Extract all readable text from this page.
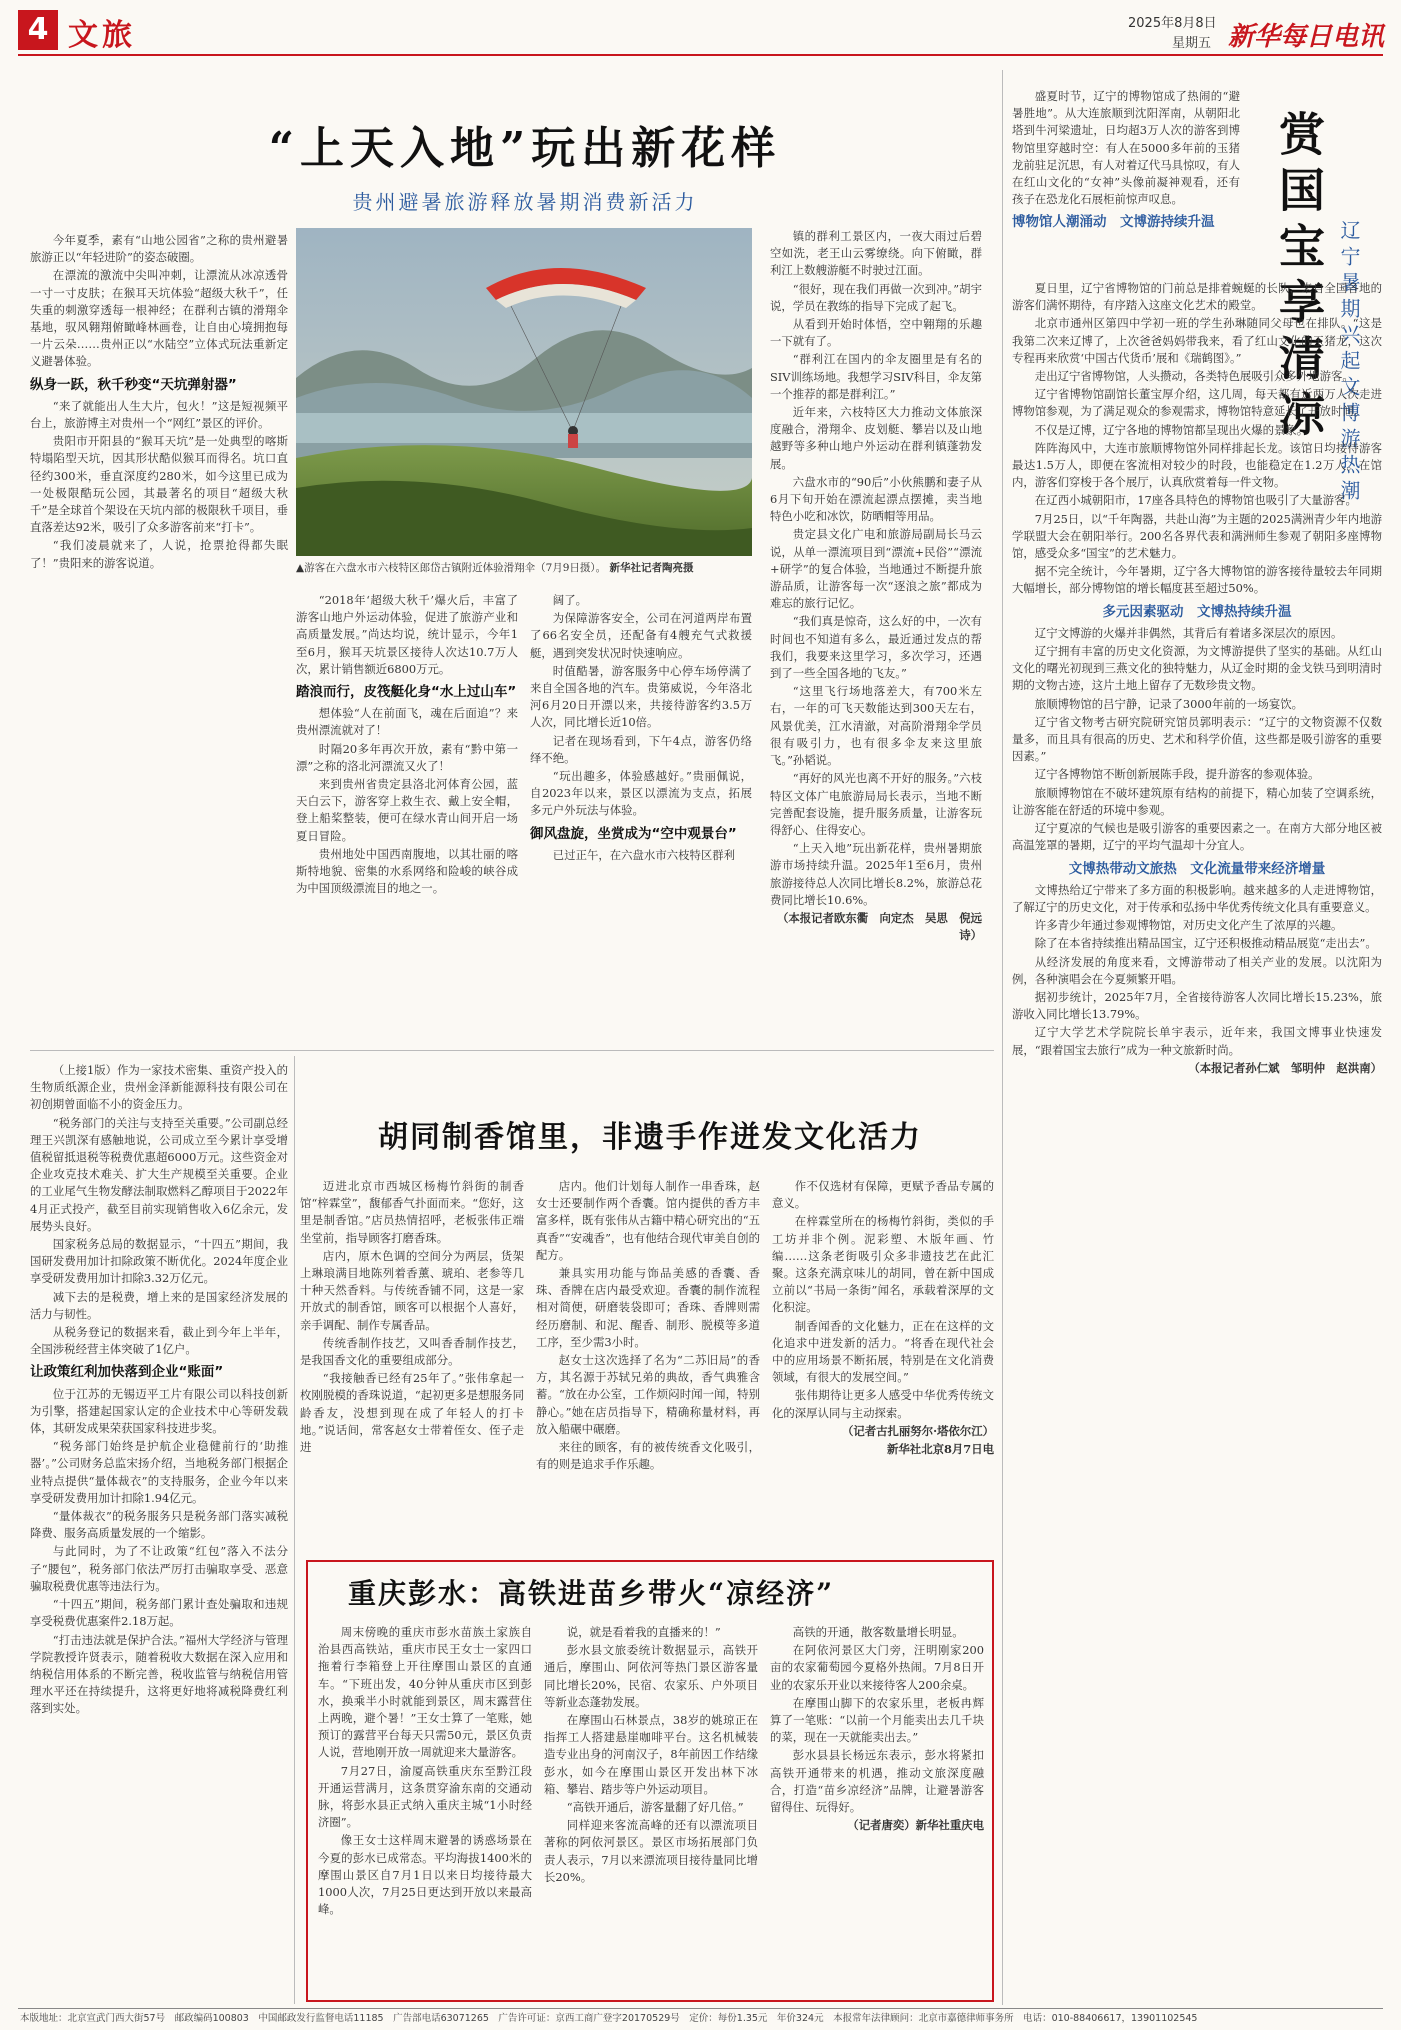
4 文旅	2025年8月8日
星期五 新华每日电讯
“上天入地”玩出新花样
贵州避暑旅游释放暑期消费新活力

今年夏季，素有“山地公园省”之称的贵州避暑旅游正以“年轻进阶”的姿态破圈。

在漂流的激流中尖叫冲刺，让漂流从冰凉透骨一寸一寸皮肤；在猴耳天坑体验“超级大秋千”，任失重的刺激穿透每一根神经；在群利古镇的滑翔伞基地，驭风翱翔俯瞰峰林画卷，让自由心境拥抱每一片云朵……贵州正以“水陆空”立体式玩法重新定义避暑体验。

纵身一跃，秋千秒变“天坑弹射器”

“来了就能出人生大片，包火！”这是短视频平台上，旅游博主对贵州一个“网红”景区的评价。

贵阳市开阳县的“猴耳天坑”是一处典型的喀斯特塌陷型天坑，因其形状酷似猴耳而得名。坑口直径约300米，垂直深度约280米，如今这里已成为一处极限酷玩公园，其最著名的项目“超级大秋千”是全球首个架设在天坑内部的极限秋千项目，垂直落差达92米，吸引了众多游客前来“打卡”。

“我们凌晨就来了，人说，抢票抢得都失眠了！”贵阳来的游客说道。	▲游客在六盘水市六枝特区郎岱古镇附近体验滑翔伞（7月9日摄）。 新华社记者陶亮摄

“2018年‘超级大秋千’爆火后，丰富了游客山地户外运动体验，促进了旅游产业和高质量发展。”尚达均说，统计显示，今年1至6月，猴耳天坑景区接待人次达10.7万人次，累计销售额近6800万元。

踏浪而行，皮筏艇化身“水上过山车”

想体验“人在前面飞，魂在后面追”？来贵州漂流就对了！

时隔20多年再次开放，素有“黔中第一漂”之称的洛北河漂流又火了！

来到贵州省贵定县洛北河体育公园，蓝天白云下，游客穿上救生衣、戴上安全帽，登上船桨整装，便可在绿水青山间开启一场夏日冒险。

贵州地处中国西南腹地，以其壮丽的喀斯特地貌、密集的水系网络和险峻的峡谷成为中国顶级漂流目的地之一。

阔了。

为保障游客安全，公司在河道两岸布置了66名安全员，还配备有4艘充气式救援艇，遇到突发状况时快速响应。

时值酷暑，游客服务中心停车场停满了来自全国各地的汽车。贵第威说，今年洛北河6月20日开漂以来，共接待游客约3.5万人次，同比增长近10倍。

记者在现场看到，下午4点，游客仍络绎不绝。

“玩出趣多，体验感越好。”贵丽佩说，自2023年以来，景区以漂流为支点，拓展多元户外玩法与体验。

御风盘旋，坐赏成为“空中观景台”

已过正午，在六盘水市六枝特区群利

镇的群利工景区内，一夜大雨过后碧空如洗，老王山云雾缭绕。向下俯瞰，群利江上数艘游艇不时驶过江面。

“很好，现在我们再做一次到冲。”胡宇说，学员在教练的指导下完成了起飞。

从看到开始时体悟，空中翱翔的乐趣一下就有了。

“群利江在国内的伞友圈里是有名的SIV训练场地。我想学习SIV科目，伞友第一个推荐的都是群利江。”

近年来，六枝特区大力推动文体旅深度融合，滑翔伞、皮划艇、攀岩以及山地越野等多种山地户外运动在群利镇蓬勃发展。

六盘水市的“90后”小伙熊鹏和妻子从6月下旬开始在漂流起漂点摆摊，卖当地特色小吃和冰饮，防晒帽等用品。

贵定县文化广电和旅游局副局长马云说，从单一漂流项目到“漂流+民俗”“漂流+研学”的复合体验，当地通过不断提升旅游品质，让游客每一次“逐浪之旅”都成为难忘的旅行记忆。

“我们真是惊奇，这么好的中，一次有时间也不知道有多么，最近通过发点的帮我们，我要来这里学习，多次学习，还遇到了一些全国各地的飞友。”

“这里飞行场地落差大，有700米左右，一年的可飞天数能达到300天左右，风景优美，江水清澈，对高阶滑翔伞学员很有吸引力，也有很多伞友来这里旅飞。”孙韬说。

“再好的风光也离不开好的服务。”六枝特区文体广电旅游局局长表示，当地不断完善配套设施，提升服务质量，让游客玩得舒心、住得安心。

“上天入地”玩出新花样，贵州暑期旅游市场持续升温。2025年1至6月，贵州旅游接待总人次同比增长8.2%，旅游总花费同比增长10.6%。

（本报记者欧东衢　向定杰　吴思　倪远诗）

盛夏时节，辽宁的博物馆成了热闹的“避暑胜地”。从大连旅顺到沈阳浑南，从朝阳北塔到牛河梁遗址，日均超3万人次的游客到博物馆里穿越时空：有人在5000多年前的玉猪龙前驻足沉思，有人对着辽代马具惊叹，有人在红山文化的“女神”头像前凝神观看，还有孩子在恐龙化石展柜前惊声叹息。

博物馆人潮涌动　文博游持续升温	赏国宝享清凉 辽宁暑期兴起文博游热潮

夏日里，辽宁省博物馆的门前总是排着蜿蜒的长队，来自全国各地的游客们满怀期待，有序踏入这座文化艺术的殿堂。

北京市通州区第四中学初一班的学生孙琳随同父母也在排队。“这是我第二次来辽博了，上次爸爸妈妈带我来，看了红山文化的玉猪龙，这次专程再来欣赏‘中国古代货币’展和《瑞鹤图》。”

走出辽宁省博物馆，人头攒动，各类特色展吸引众多外地游客。

辽宁省博物馆副馆长董宝厚介绍，这几周，每天都有近两万人次走进博物馆参观，为了满足观众的参观需求，博物馆特意延长了开放时间。

不仅是辽博，辽宁各地的博物馆都呈现出火爆的景象。

阵阵海风中，大连市旅顺博物馆外同样排起长龙。该馆日均接待游客最达1.5万人，即便在客流相对较少的时段，也能稳定在1.2万人。在馆内，游客们穿梭于各个展厅，认真欣赏着每一件文物。

在辽西小城朝阳市，17座各具特色的博物馆也吸引了大量游客。

7月25日，以“千年陶器，共赴山海”为主题的2025满洲青少年内地游学联盟大会在朝阳举行。200名各界代表和满洲师生参观了朝阳多座博物馆，感受众多“国宝”的艺术魅力。

据不完全统计，今年暑期，辽宁各大博物馆的游客接待量较去年同期大幅增长，部分博物馆的增长幅度甚至超过50%。

多元因素驱动　文博热持续升温

辽宁文博游的火爆并非偶然，其背后有着诸多深层次的原因。

辽宁拥有丰富的历史文化资源，为文博游提供了坚实的基础。从红山文化的曙光初现到三燕文化的独特魅力，从辽金时期的金戈铁马到明清时期的文物古迹，这片土地上留存了无数珍贵文物。

旅顺博物馆的吕宁静，记录了3000年前的一场宴饮。

辽宁省文物考古研究院研究馆员郭明表示：“辽宁的文物资源不仅数量多，而且具有很高的历史、艺术和科学价值，这些都是吸引游客的重要因素。”

辽宁各博物馆不断创新展陈手段，提升游客的参观体验。

旅顺博物馆在不破坏建筑原有结构的前提下，精心加装了空调系统，让游客能在舒适的环境中参观。

辽宁夏凉的气候也是吸引游客的重要因素之一。在南方大部分地区被高温笼罩的暑期，辽宁的平均气温却十分宜人。

文博热带动文旅热　文化流量带来经济增量

文博热给辽宁带来了多方面的积极影响。越来越多的人走进博物馆，了解辽宁的历史文化，对于传承和弘扬中华优秀传统文化具有重要意义。

许多青少年通过参观博物馆，对历史文化产生了浓厚的兴趣。

除了在本省持续推出精品国宝，辽宁还积极推动精品展览“走出去”。

从经济发展的角度来看，文博游带动了相关产业的发展。以沈阳为例，各种演唱会在今夏频繁开唱。

据初步统计，2025年7月，全省接待游客人次同比增长15.23%，旅游收入同比增长13.79%。

辽宁大学艺术学院院长单宇表示，近年来，我国文博事业快速发展，“跟着国宝去旅行”成为一种文旅新时尚。

（本报记者孙仁斌　邹明仲　赵洪南）

（上接1版）作为一家技术密集、重资产投入的生物质纸源企业，贵州金泽新能源科技有限公司在初创期曾面临不小的资金压力。

“税务部门的关注与支持至关重要。”公司副总经理王兴凯深有感触地说，公司成立至今累计享受增值税留抵退税等税费优惠超6000万元。这些资金对企业攻克技术难关、扩大生产规模至关重要。企业的工业尾气生物发酵法制取燃料乙醇项目于2022年4月正式投产，截至目前实现销售收入6亿余元，发展势头良好。

国家税务总局的数据显示，“十四五”期间，我国研发费用加计扣除政策不断优化。2024年度企业享受研发费用加计扣除3.32万亿元。

减下去的是税费，增上来的是国家经济发展的活力与韧性。

从税务登记的数据来看，截止到今年上半年，全国涉税经营主体突破了1亿户。

让政策红利加快落到企业“账面”

位于江苏的无锡迈平工片有限公司以科技创新为引擎，搭建起国家认定的企业技术中心等研发载体，其研发成果荣获国家科技进步奖。

“税务部门始终是护航企业稳健前行的‘助推器’。”公司财务总监宋扬介绍，当地税务部门根据企业特点提供“量体裁衣”的支持服务，企业今年以来享受研发费用加计扣除1.94亿元。

“量体裁衣”的税务服务只是税务部门落实减税降费、服务高质量发展的一个缩影。

与此同时，为了不让政策“红包”落入不法分子“腰包”，税务部门依法严厉打击骗取享受、恶意骗取税费优惠等违法行为。

“十四五”期间，税务部门累计查处骗取和违规享受税费优惠案件2.18万起。

“打击违法就是保护合法。”福州大学经济与管理学院教授许贤表示，随着税收大数据在深入应用和纳税信用体系的不断完善，税收监管与纳税信用管理水平还在持续提升，这将更好地将减税降费红利落到实处。

胡同制香馆里，非遗手作迸发文化活力

迈进北京市西城区杨梅竹斜街的制香馆“梓霖堂”，馥郁香气扑面而来。“您好，这里是制香馆。”店员热情招呼，老板张伟正端坐堂前，指导顾客打磨香珠。

店内，原木色调的空间分为两层，货架上琳琅满目地陈列着香薰、琥珀、老参等几十种天然香料。与传统香铺不同，这是一家开放式的制香馆，顾客可以根据个人喜好，亲手调配、制作专属香品。

传统香制作技艺，又叫香香制作技艺，是我国香文化的重要组成部分。

“我接触香已经有25年了。”张伟拿起一枚刚脱模的香珠说道，“起初更多是想服务同龄香友，没想到现在成了年轻人的打卡地。”说话间，常客赵女士带着侄女、侄子走进

店内。他们计划每人制作一串香珠，赵女士还要制作两个香囊。馆内提供的香方丰富多样，既有张伟从古籍中精心研究出的“五真香”“安魂香”，也有他结合现代审美自创的配方。

兼具实用功能与饰品美感的香囊、香珠、香牌在店内最受欢迎。香囊的制作流程相对简便，研磨装袋即可；香珠、香牌则需经历磨制、和泥、醒香、制形、脱模等多道工序，至少需3小时。

赵女士这次选择了名为“二苏旧局”的香方，其名源于苏轼兄弟的典故，香气典雅含蓄。“放在办公室，工作烦闷时闻一闻，特别静心。”她在店员指导下，精确称量材料，再放入船碾中碾磨。

来往的顾客，有的被传统香文化吸引，有的则是追求手作乐趣。

作不仅选材有保障，更赋予香品专属的意义。

在梓霖堂所在的杨梅竹斜街，类似的手工坊并非个例。泥彩塑、木版年画、竹编……这条老街吸引众多非遗技艺在此汇聚。这条充满京味儿的胡同，曾在新中国成立前以“书局一条街”闻名，承载着深厚的文化积淀。

制香闻香的文化魅力，正在在这样的文化追求中迸发新的活力。“将香在现代社会中的应用场景不断拓展，特别是在文化消费领域，有很大的发展空间。”

张伟期待让更多人感受中华优秀传统文化的深厚认同与主动探索。

（记者古扎丽努尔·塔依尔江）

新华社北京8月7日电

重庆彭水：高铁进苗乡带火“凉经济”

周末傍晚的重庆市彭水苗族土家族自治县西高铁站，重庆市民王女士一家四口拖着行李箱登上开往摩围山景区的直通车。“下班出发，40分钟从重庆市区到彭水，换乘半小时就能到景区，周末露营住上两晚，避个暑！”王女士算了一笔账，她预订的露营平台每天只需50元，景区负责人说，营地刚开放一周就迎来大量游客。

7月27日，渝厦高铁重庆东至黔江段开通运营满月，这条贯穿渝东南的交通动脉，将彭水县正式纳入重庆主城“1小时经济圈”。

像王女士这样周末避暑的诱惑场景在今夏的彭水已成常态。平均海拔1400米的摩围山景区自7月1日以来日均接待最大1000人次，7月25日更达到开放以来最高峰。

说，就是看着我的直播来的！”

彭水县文旅委统计数据显示，高铁开通后，摩围山、阿依河等热门景区游客量同比增长20%，民宿、农家乐、户外项目等新业态蓬勃发展。

在摩围山石林景点，38岁的姚琼正在指挥工人搭建悬崖咖啡平台。这名机械装造专业出身的河南汉子，8年前因工作结缘彭水，如今在摩围山景区开发出林下冰箱、攀岩、踏步等户外运动项目。

“高铁开通后，游客量翻了好几倍。”

同样迎来客流高峰的还有以漂流项目著称的阿依河景区。景区市场拓展部门负责人表示，7月以来漂流项目接待量同比增长20%。

高铁的开通，散客数量增长明显。

在阿依河景区大门旁，汪明刚家200亩的农家葡萄园今夏格外热闹。7月8日开业的农家乐开业以来接待客人200余桌。

在摩围山脚下的农家乐里，老板冉辉算了一笔账：“以前一个月能卖出去几千块的菜，现在一天就能卖出去。”

彭水县县长杨远东表示，彭水将紧扣高铁开通带来的机遇，推动文旅深度融合，打造“苗乡凉经济”品牌，让避暑游客留得住、玩得好。

（记者唐奕）新华社重庆电

本版地址：北京宣武门西大街57号　邮政编码100803　中国邮政发行监督电话11185　广告部电话63071265　广告许可证：京西工商广登字20170529号　定价：每份1.35元　年价324元　本报常年法律顾问：北京市嘉德律师事务所　电话：010-88406617，13901102545
